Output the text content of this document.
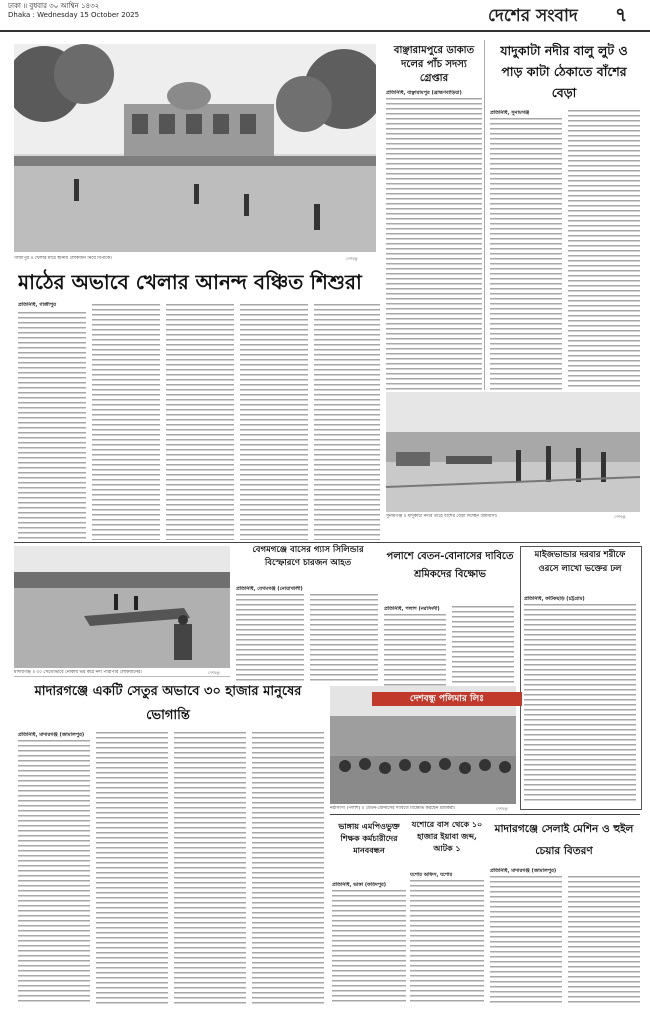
ঢাকা ॥ বুধবার ৩০ আশ্বিন ১৪৩২
Dhaka : Wednesday 15 October 2025	দেশের সংবাদ	৭
গাজীপুর ॥ খেলার মাঠে স্থানীয় লোকজন নিয়ে বিপাকে।	দেশবন্ধু
মাঠের অভাবে খেলার আনন্দ বঞ্চিত শিশুরা
প্রতিনিধি, গাজীপুর
বাঞ্ছারামপুরে ডাকাত দলের পাঁচ সদস্য গ্রেপ্তার
প্রতিনিধি, বাঞ্ছারামপুর (ব্রাহ্মণবাড়িয়া)
যাদুকাটা নদীর বালু লুট ও পাড় কাটা ঠেকাতে বাঁশের বেড়া
প্রতিনিধি, সুনামগঞ্জ
সুনামগঞ্জ ॥ যাদুকাটা নদীর তীরে বাঁশের বেড়া দিচ্ছেন গ্রামবাসী।	দেশবন্ধু
বেগমগঞ্জে বাসের গ্যাস সিলিন্ডার বিস্ফোরণে চারজন আহত
প্রতিনিধি, বেগমগঞ্জ (নোয়াখালী)
মাদারগঞ্জ ॥ ৩০ সেতোভাবে নৌকায় ভর করে নদী পারাপার লোকজনের।	দেশবন্ধু
প্রতিনিধি, পলাশ (নরসিংদী)
মাইজভান্ডার দরবার শরীফে ওরসে লাখো ভক্তের ঢল
প্রতিনিধি, ফটিকছড়ি (চট্টগ্রাম)
দেশবন্ধু পলিমার লিঃ
নরসিংদী (পলাশ) ॥ বেতন-বোনাসের দাবিতে বিক্ষোভ করছেন শ্রমিকরা।	দেশবন্ধু
মাদারগঞ্জে একটি সেতুর অভাবে ৩০ হাজার মানুষের ভোগান্তি
প্রতিনিধি, মাদারগঞ্জ (জামালপুর)
মাদারগঞ্জে সেলাই মেশিন ও হুইল চেয়ার বিতরণ
প্রতিনিধি, মাদারগঞ্জ (জামালপুর)
ভাঙ্গায় এমপিওভুক্ত শিক্ষক কর্মচারীদের মানববন্ধন
যশোরে বাস থেকে ১০ হাজার ইয়াবা জব্দ, আটক ১
যশোর অফিস, যশোর
পলাশে বেতন-বোনাসের দাবিতে শ্রমিকদের বিক্ষোভ
প্রতিনিধি, ভাঙ্গা (ফরিদপুর)
